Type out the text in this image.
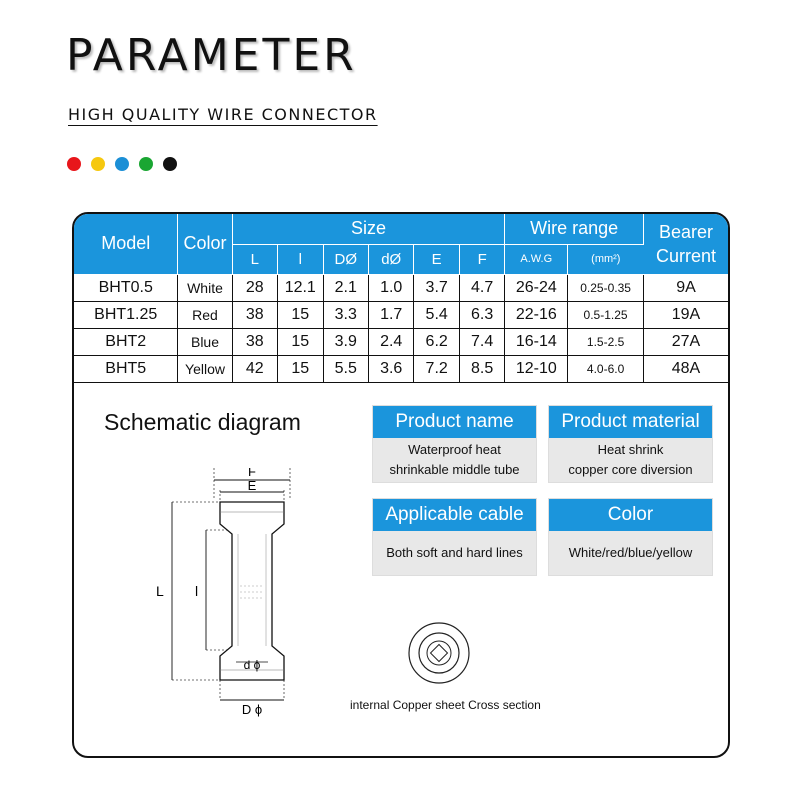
PARAMETER
HIGH QUALITY WIRE CONNECTOR
Model	Color	Size						Wire range		Bearer
Current

		L	l	DØ	dØ	E	F	A.W.G	(mm²)	
BHT0.5	White	28	12.1	2.1	1.0	3.7	4.7	26-24	0.25-0.35	9A
BHT1.25	Red	38	15	3.3	1.7	5.4	6.3	22-16	0.5-1.25	19A
BHT2	Blue	38	15	3.9	2.4	6.2	7.4	16-14	1.5-2.5	27A
BHT5	Yellow	42	15	5.5	3.6	7.2	8.5	12-10	4.0-6.0	48A
Schematic diagram	Product name
Waterproof heat
shrinkable middle tube
Product material
Heat shrink
copper core diversion
Applicable cable
Both soft and hard lines
Color
White/red/blue/yellow
F
E
L l
d ϕ
D ϕ	internal Copper sheet Cross section
